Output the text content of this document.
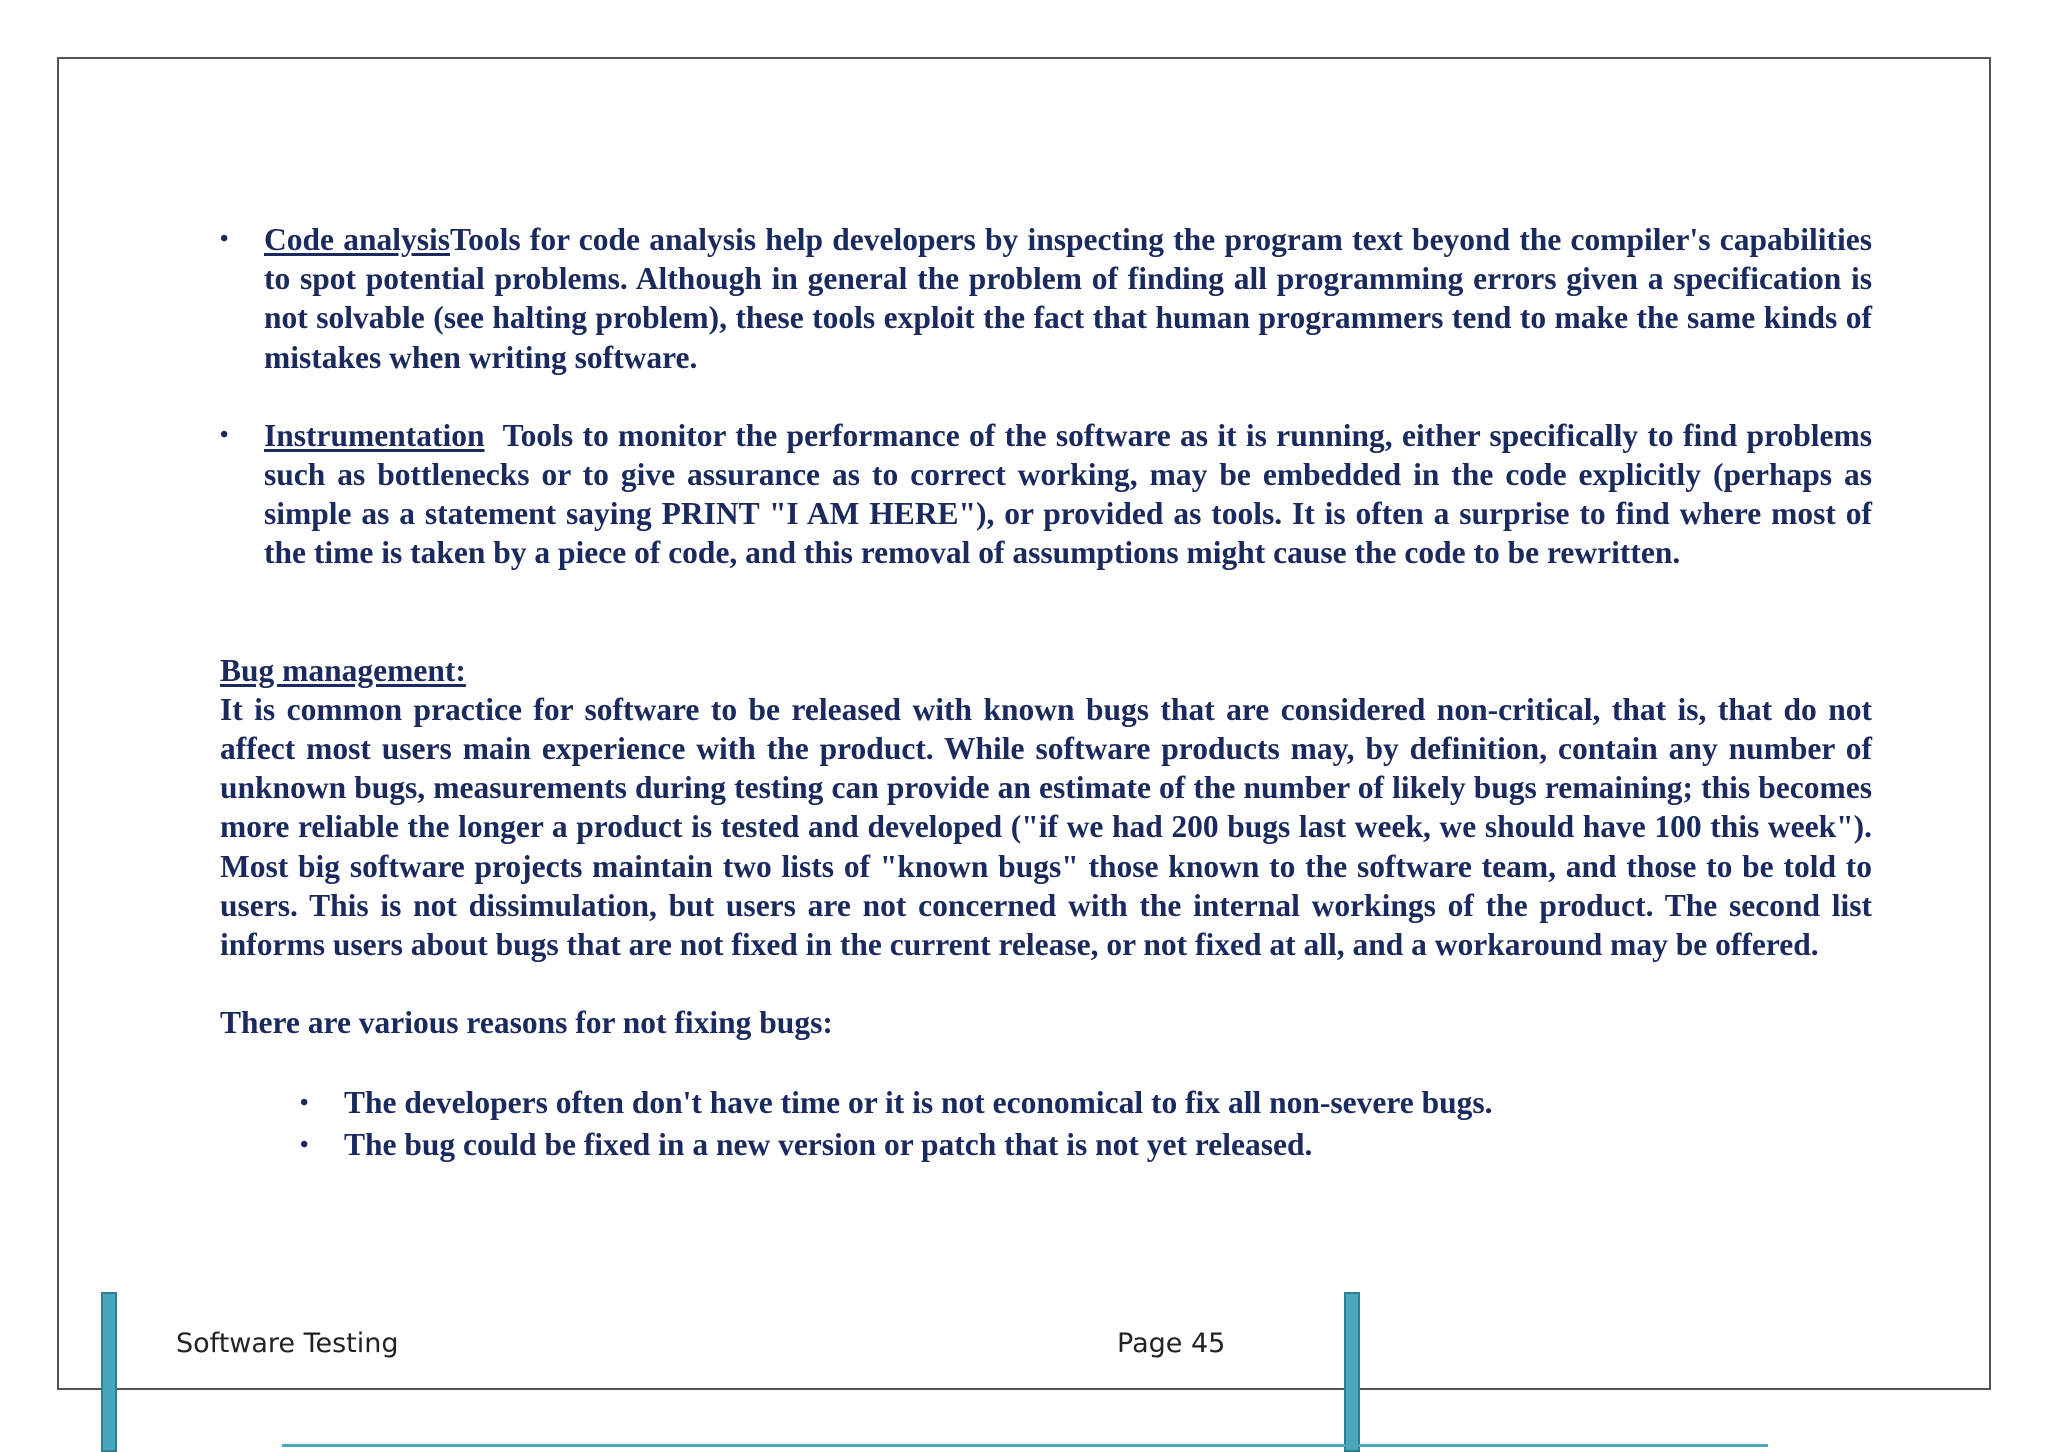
• Code analysisTools for code analysis help developers by inspecting the program text beyond the compiler's capabilities to spot potential problems. Although in general the problem of finding all programming errors given a specification is not solvable (see halting problem), these tools exploit the fact that human programmers tend to make the same kinds of mistakes when writing software.
• Instrumentation Tools to monitor the performance of the software as it is running, either specifically to find problems such as bottlenecks or to give assurance as to correct working, may be embedded in the code explicitly (perhaps as simple as a statement saying PRINT "I AM HERE"), or provided as tools. It is often a surprise to find where most of the time is taken by a piece of code, and this removal of assumptions might cause the code to be rewritten.

Bug management:

It is common practice for software to be released with known bugs that are considered non-critical, that is, that do not affect most users main experience with the product. While software products may, by definition, contain any number of unknown bugs, measurements during testing can provide an estimate of the number of likely bugs remaining; this becomes more reliable the longer a product is tested and developed ("if we had 200 bugs last week, we should have 100 this week"). Most big software projects maintain two lists of "known bugs" those known to the software team, and those to be told to users. This is not dissimulation, but users are not concerned with the internal workings of the product. The second list informs users about bugs that are not fixed in the current release, or not fixed at all, and a workaround may be offered.

There are various reasons for not fixing bugs:

• The developers often don't have time or it is not economical to fix all non-severe bugs.
• The bug could be fixed in a new version or patch that is not yet released.
Software Testing	Page 45
